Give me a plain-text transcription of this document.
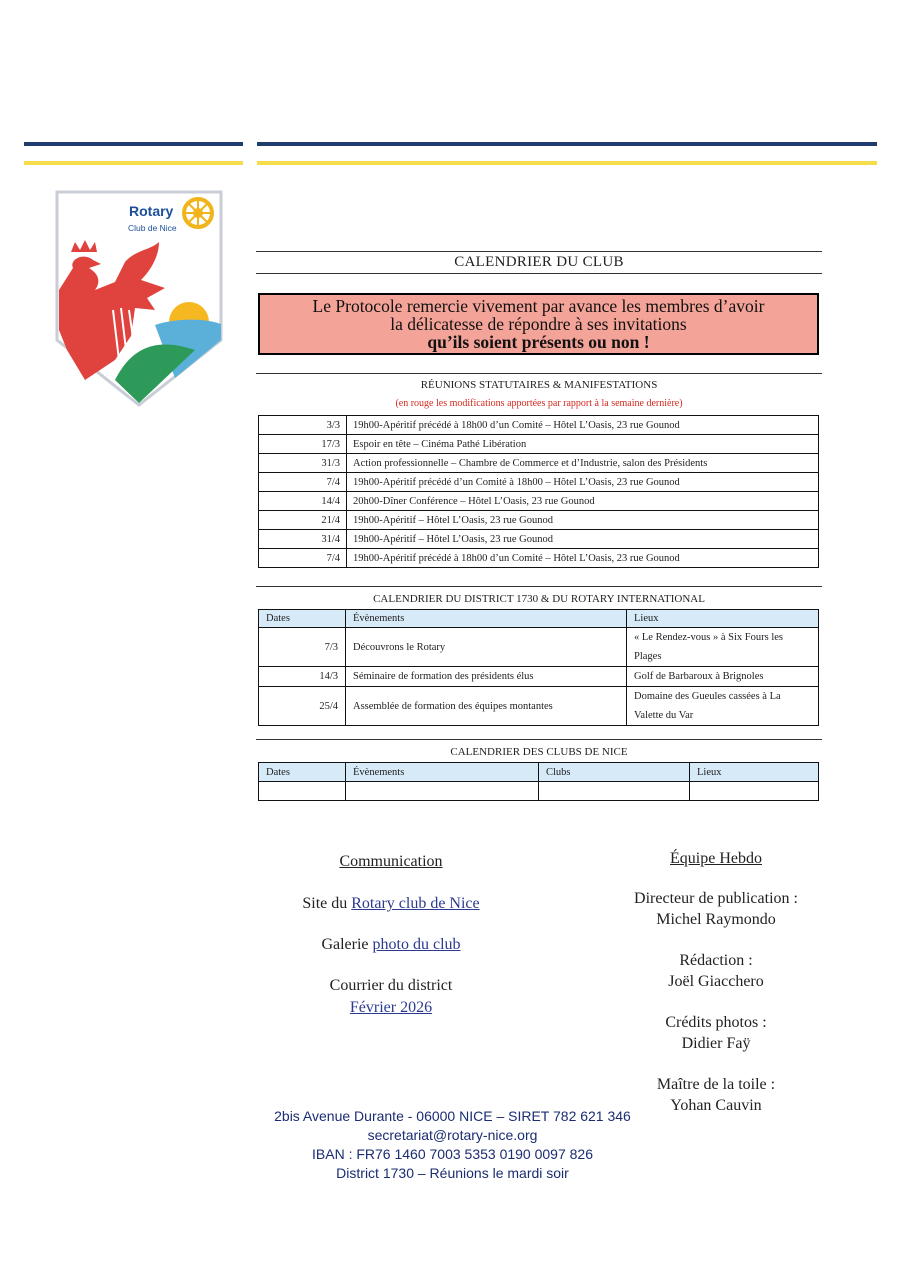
Rotary
Club de Nice
CALENDRIER DU CLUB
Le Protocole remercie vivement par avance les membres d’avoir
la délicatesse de répondre à ses invitations
qu’ils soient présents ou non !
RÉUNIONS STATUTAIRES & MANIFESTATIONS
(en rouge les modifications apportées par rapport à la semaine dernière)
3/3	19h00-Apéritif précédé à 18h00 d’un Comité – Hôtel L’Oasis, 23 rue Gounod
17/3	Espoir en tête – Cinéma Pathé Libération
31/3	Action professionnelle – Chambre de Commerce et d’Industrie, salon des Présidents
7/4	19h00-Apéritif précédé d’un Comité à 18h00 – Hôtel L’Oasis, 23 rue Gounod
14/4	20h00-Dîner Conférence – Hôtel L’Oasis, 23 rue Gounod
21/4	19h00-Apéritif – Hôtel L’Oasis, 23 rue Gounod
31/4	19h00-Apéritif – Hôtel L’Oasis, 23 rue Gounod
7/4	19h00-Apéritif précédé à 18h00 d’un Comité – Hôtel L’Oasis, 23 rue Gounod
CALENDRIER DU DISTRICT 1730 & DU ROTARY INTERNATIONAL
Dates	Évènements	Lieux
7/3	Découvrons le Rotary	« Le Rendez-vous » à Six Fours les Plages
14/3	Séminaire de formation des présidents élus	Golf de Barbaroux à Brignoles
25/4	Assemblée de formation des équipes montantes	Domaine des Gueules cassées à La Valette du Var
CALENDRIER DES CLUBS DE NICE
Dates	Évènements	Clubs	Lieux

Communication
Site du Rotary club de Nice
Galerie photo du club
Courrier du district
Février 2026
Équipe Hebdo
Directeur de publication :
Michel Raymondo
Rédaction :
Joël Giacchero
Crédits photos :
Didier Faÿ
Maître de la toile :
Yohan Cauvin
2bis Avenue Durante - 06000 NICE – SIRET 782 621 346
secretariat@rotary-nice.org
IBAN : FR76 1460 7003 5353 0190 0097 826
District 1730 – Réunions le mardi soir
